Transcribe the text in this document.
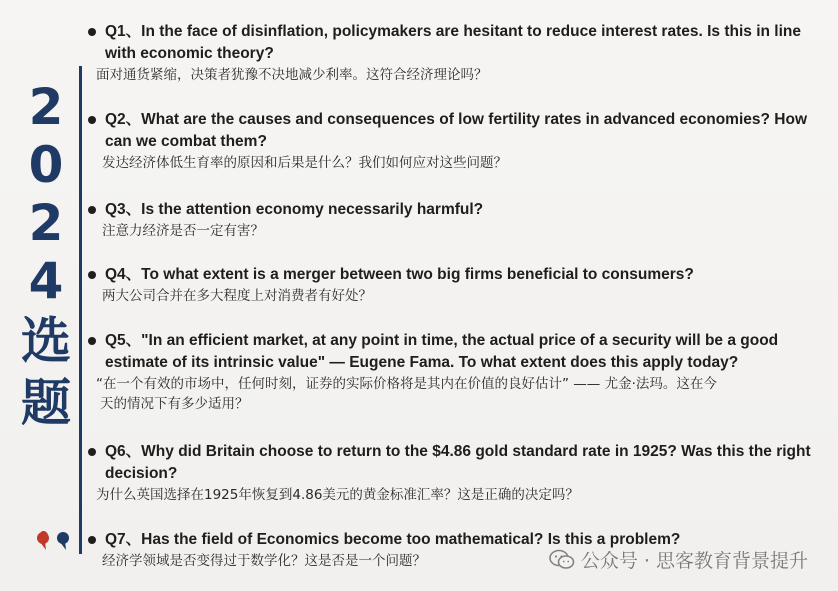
2
0
2
4
选
题
Q1、In the face of disinflation, policymakers are hesitant to reduce interest rates. Is this in line with economic theory?
面对通货紧缩，决策者犹豫不决地减少利率。这符合经济理论吗？
Q2、What are the causes and consequences of low fertility rates in advanced economies? How can we combat them?
发达经济体低生育率的原因和后果是什么？我们如何应对这些问题？
Q3、Is the attention economy necessarily harmful?
注意力经济是否一定有害？
Q4、To what extent is a merger between two big firms beneficial to consumers?
两大公司合并在多大程度上对消费者有好处？
Q5、"In an efficient market, at any point in time, the actual price of a security will be a good estimate of its intrinsic value" — Eugene Fama. To what extent does this apply today?
“在一个有效的市场中，任何时刻，证券的实际价格将是其内在价值的良好估计” —— 尤金·法玛。这在今
天的情况下有多少适用？
Q6、Why did Britain choose to return to the $4.86 gold standard rate in 1925? Was this the right decision?
为什么英国选择在1925年恢复到4.86美元的黄金标准汇率？这是正确的决定吗？
Q7、Has the field of Economics become too mathematical? Is this a problem?
经济学领域是否变得过于数学化？这是否是一个问题？	公众号 · 思客教育背景提升
